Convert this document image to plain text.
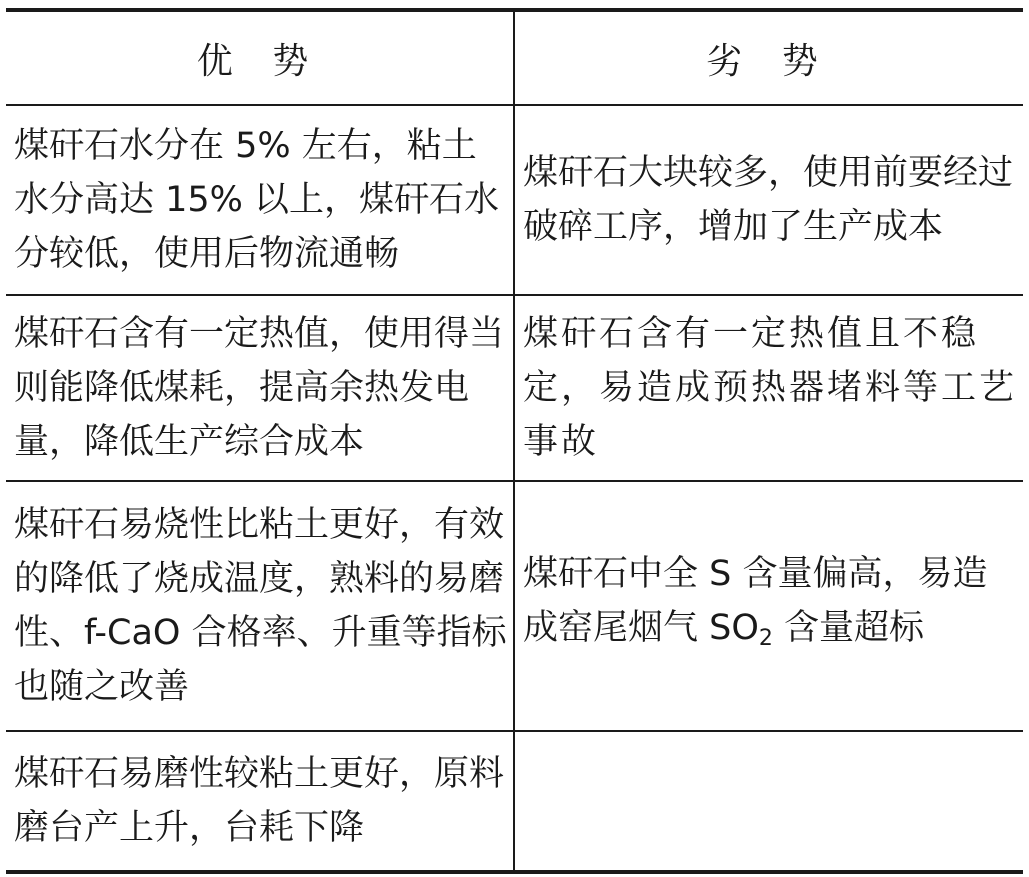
优 势	劣 势
煤矸石水分在 5% 左右，粘土水分高达 15% 以上，煤矸石水分较低，使用后物流通畅	煤矸石大块较多，使用前要经过破碎工序，增加了生产成本
煤矸石含有一定热值，使用得当则能降低煤耗，提高余热发电量，降低生产综合成本	煤矸石含有一定热值且不稳定，易造成预热器堵料等工艺事故
煤矸石易烧性比粘土更好，有效的降低了烧成温度，熟料的易磨性、f-CaO 合格率、升重等指标也随之改善	煤矸石中全 S 含量偏高，易造成窑尾烟气 $SO_2$ 含量超标
煤矸石易磨性较粘土更好，原料磨台产上升，台耗下降	
